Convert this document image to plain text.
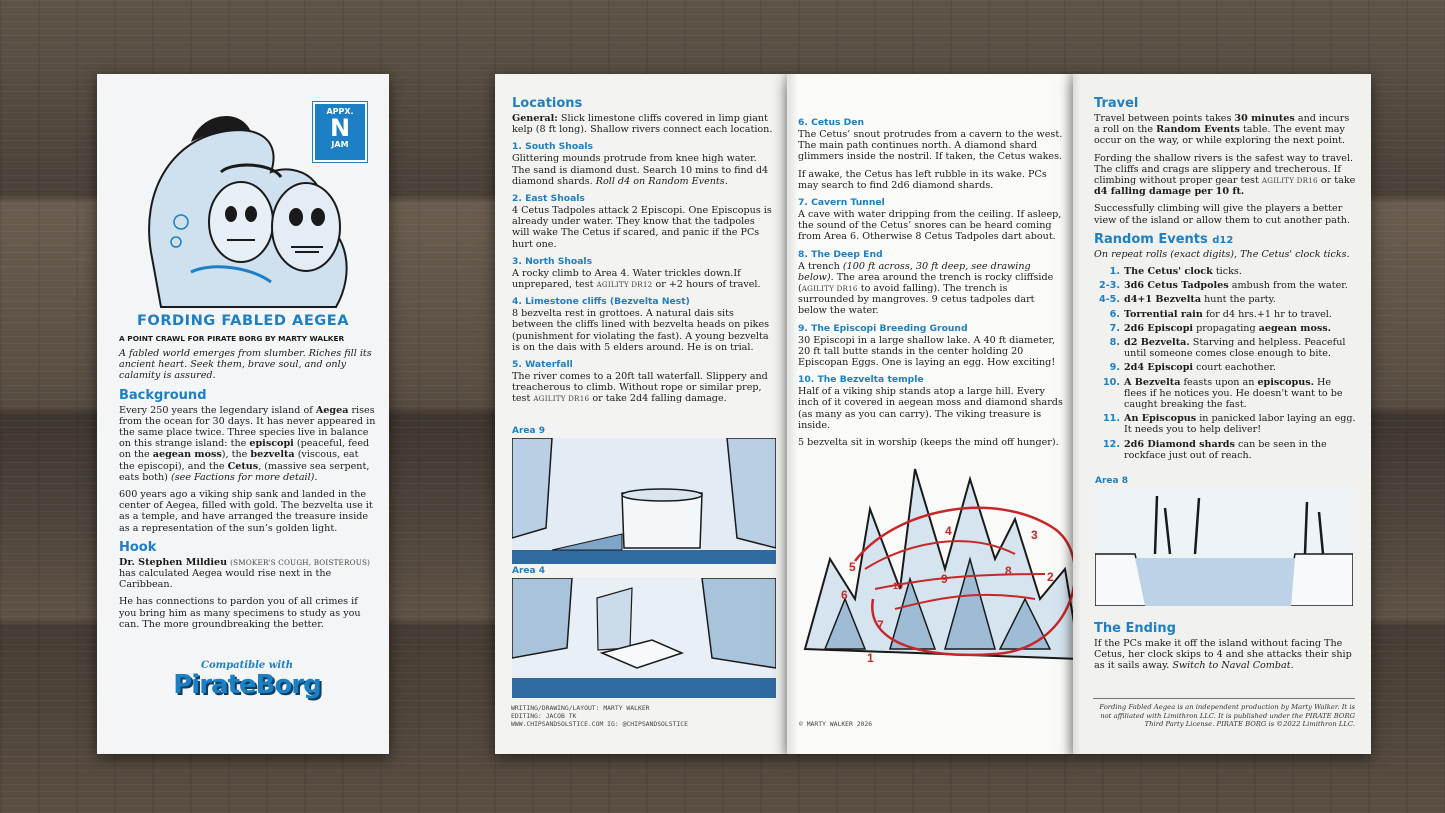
APPX.
N
JAM
FORDING FABLED AEGEA
A POINT CRAWL FOR PIRATE BORG BY MARTY WALKER

A fabled world emerges from slumber. Riches fill its ancient heart. Seek them, brave soul, and only calamity is assured.

Background

Every 250 years the legendary island of Aegea rises from the ocean for 30 days. It has never appeared in the same place twice. Three species live in balance on this strange island: the episcopi (peaceful, feed on the aegean moss), the bezvelta (viscous, eat the episcopi), and the Cetus, (massive sea serpent, eats both) (see Factions for more detail).

600 years ago a viking ship sank and landed in the center of Aegea, filled with gold. The bezvelta use it as a temple, and have arranged the treasure inside as a representation of the sun’s golden light.

Hook

Dr. Stephen Mildieu (SMOKER’S COUGH, BOISTEROUS) has calculated Aegea would rise next in the Caribbean.

He has connections to pardon you of all crimes if you bring him as many specimens to study as you can. The more groundbreaking the better.

Compatible with
PirateBorg
Locations

General: Slick limestone cliffs covered in limp giant kelp (8 ft long). Shallow rivers connect each location.

1. South Shoals

Glittering mounds protrude from knee high water. The sand is diamond dust. Search 10 mins to find d4 diamond shards. Roll d4 on Random Events.

2. East Shoals

4 Cetus Tadpoles attack 2 Episcopi. One Episcopus is already under water. They know that the tadpoles will wake The Cetus if scared, and panic if the PCs hurt one.

3. North Shoals

A rocky climb to Area 4. Water trickles down.If unprepared, test AGILITY DR12 or +2 hours of travel.

4. Limestone cliffs (Bezvelta Nest)

8 bezvelta rest in grottoes. A natural dais sits between the cliffs lined with bezvelta heads on pikes (punishment for violating the fast). A young bezvelta is on the dais with 5 elders around. He is on trial.

5. Waterfall

The river comes to a 20ft tall waterfall. Slippery and treacherous to climb. Without rope or similar prep, test AGILITY DR16 or take 2d4 falling damage.

Area 9
Area 4
WRITING/DRAWING/LAYOUT: MARTY WALKER
EDITING: JACOB TK
WWW.CHIPSANDSOLSTICE.COM IG: @CHIPSANDSOLSTICE
6. Cetus Den

The Cetus’ snout protrudes from a cavern to the west. The main path continues north. A diamond shard glimmers inside the nostril. If taken, the Cetus wakes.

If awake, the Cetus has left rubble in its wake. PCs may search to find 2d6 diamond shards.

7. Cavern Tunnel

A cave with water dripping from the ceiling. If asleep, the sound of the Cetus’ snores can be heard coming from Area 6. Otherwise 8 Cetus Tadpoles dart about.

8. The Deep End

A trench (100 ft across, 30 ft deep, see drawing below). The area around the trench is rocky cliffside (AGILITY DR16 to avoid falling). The trench is surrounded by mangroves. 9 cetus tadpoles dart below the water.

9. The Episcopi Breeding Ground

30 Episcopi in a large shallow lake. A 40 ft diameter, 20 ft tall butte stands in the center holding 20 Episcopan Eggs. One is laying an egg. How exciting!

10. The Bezvelta temple

Half of a viking ship stands atop a large hill. Every inch of it covered in aegean moss and diamond shards (as many as you can carry). The viking treasure is inside.

5 bezvelta sit in worship (keeps the mind off hunger).

1
2
3
4
5
6
7
8
9
10
© MARTY WALKER 2026
Travel

Travel between points takes 30 minutes and incurs a roll on the Random Events table. The event may occur on the way, or while exploring the next point.

Fording the shallow rivers is the safest way to travel. The cliffs and crags are slippery and trecherous. If climbing without proper gear test AGILITY DR16 or take d4 falling damage per 10 ft.

Successfully climbing will give the players a better view of the island or allow them to cut another path.

Random Events d12

On repeat rolls (exact digits), The Cetus' clock ticks.

1. The Cetus' clock ticks.
2-3. 3d6 Cetus Tadpoles ambush from the water.
4-5. d4+1 Bezvelta hunt the party.
6. Torrential rain for d4 hrs.+1 hr to travel.
7. 2d6 Episcopi propagating aegean moss.
8. d2 Bezvelta. Starving and helpless. Peaceful until someone comes close enough to bite.
9. 2d4 Episcopi court eachother.
10. A Bezvelta feasts upon an episcopus. He flees if he notices you. He doesn't want to be caught breaking the fast.
11. An Episcopus in panicked labor laying an egg. It needs you to help deliver!
12. 2d6 Diamond shards can be seen in the rockface just out of reach.
Area 8
The Ending

If the PCs make it off the island without facing The Cetus, her clock skips to 4 and she attacks their ship as it sails away. Switch to Naval Combat.

Fording Fabled Aegea is an independent production by Marty Walker. It is not affiliated with Limithron LLC. It is published under the PIRATE BORG Third Party License. PIRATE BORG is ©2022 Limithron LLC.
